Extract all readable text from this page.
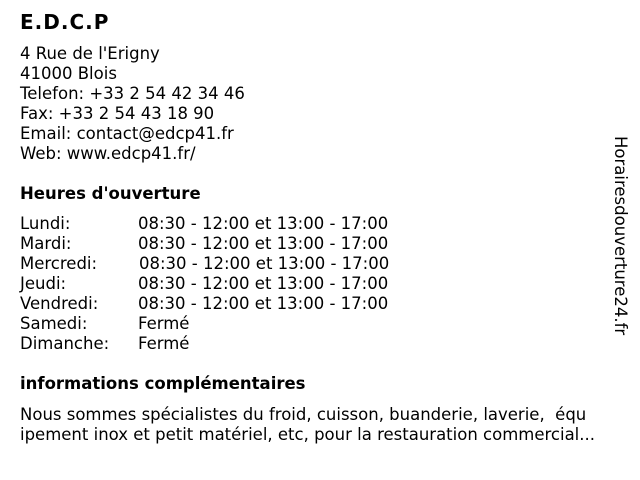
E.D.C.P
4 Rue de l'Erigny
41000 Blois
Telefon: +33 2 54 42 34 46
Fax: +33 2 54 43 18 90
Email: contact@edcp41.fr
Web: www.edcp41.fr/
Heures d'ouverture
Lundi:	08:30 - 12:00 et 13:00 - 17:00
Mardi:	08:30 - 12:00 et 13:00 - 17:00
Mercredi:	08:30 - 12:00 et 13:00 - 17:00
Jeudi:	08:30 - 12:00 et 13:00 - 17:00
Vendredi: 08:30 - 12:00 et 13:00 - 17:00
Samedi:	Fermé
Dimanche: Fermé
informations complémentaires
Nous sommes spécialistes du froid, cuisson, buanderie, laverie,  équ
ipement inox et petit matériel, etc, pour la restauration commercial...
Horairesdouverture24.fr
